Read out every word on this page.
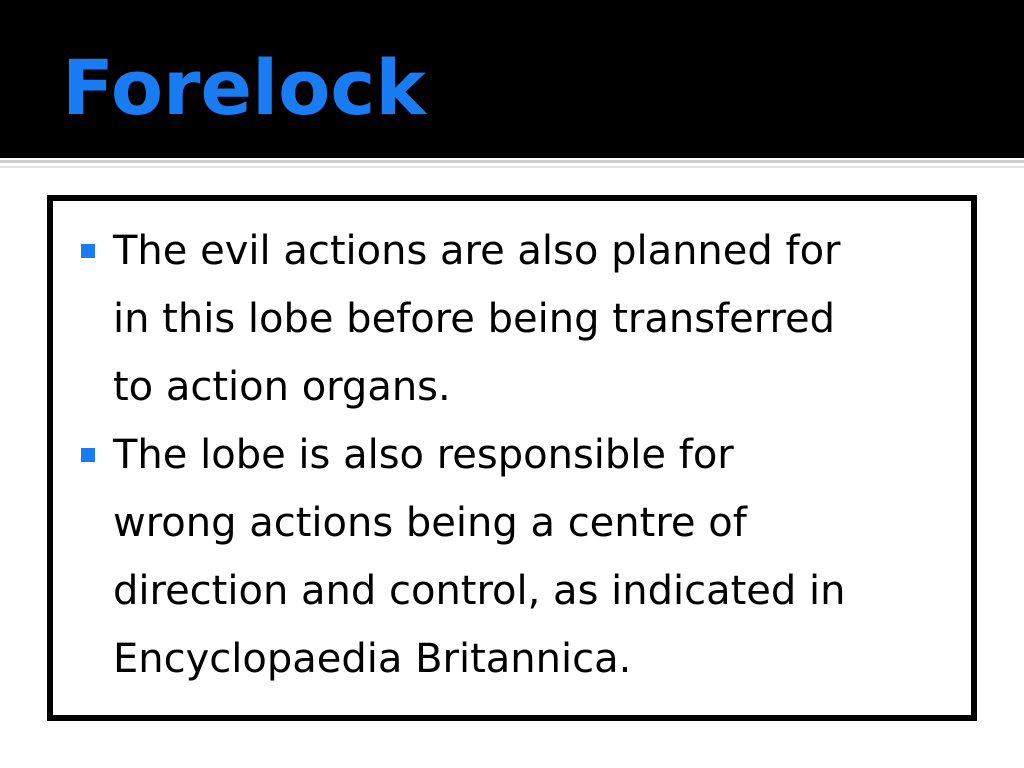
Forelock
The evil actions are also planned for
in this lobe before being transferred
to action organs.
The lobe is also responsible for
wrong actions being a centre of
direction and control, as indicated in
Encyclopaedia Britannica.
